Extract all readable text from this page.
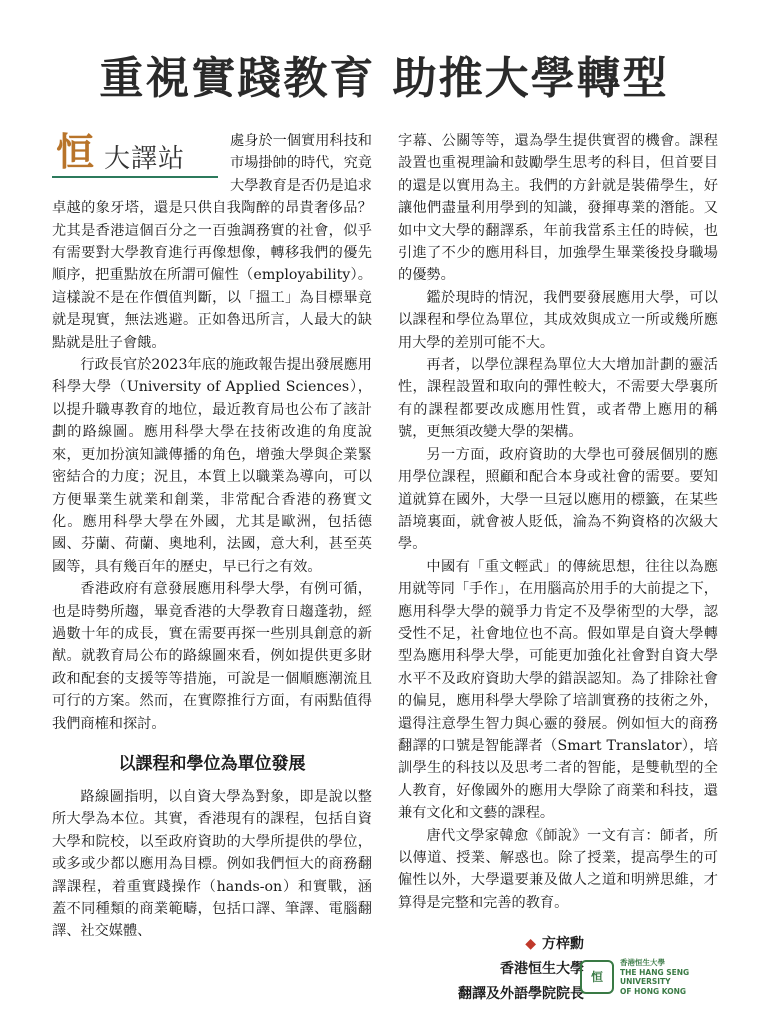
重視實踐教育 助推大學轉型
恒 大譯站

處身於一個實用科技和市場掛帥的時代，究竟大學教育是否仍是追求卓越的象牙塔，還是只供自我陶醉的昂貴奢侈品？尤其是香港這個百分之一百強調務實的社會，似乎有需要對大學教育進行再像想像，轉移我們的優先順序，把重點放在所謂可僱性（employability）。這樣說不是在作價值判斷，以「搵工」為目標畢竟就是現實，無法逃避。正如魯迅所言，人最大的缺點就是肚子會餓。

行政長官於2023年底的施政報告提出發展應用科學大學（University of Applied Sciences），以提升職專教育的地位，最近教育局也公布了該計劃的路線圖。應用科學大學在技術改進的角度說來，更加扮演知識傳播的角色，增強大學與企業緊密結合的力度；況且，本質上以職業為導向，可以方便畢業生就業和創業，非常配合香港的務實文化。應用科學大學在外國，尤其是歐洲，包括德國、芬蘭、荷蘭、奧地利，法國，意大利，甚至英國等，具有幾百年的歷史，早已行之有效。

香港政府有意發展應用科學大學，有例可循，也是時勢所趨，畢竟香港的大學教育日趨蓬勃，經過數十年的成長，實在需要再探一些別具創意的新猷。就教育局公布的路線圖來看，例如提供更多財政和配套的支援等等措施，可說是一個順應潮流且可行的方案。然而，在實際推行方面，有兩點值得我們商榷和探討。

以課程和學位為單位發展

路線圖指明，以自資大學為對象，即是說以整所大學為本位。其實，香港現有的課程，包括自資大學和院校，以至政府資助的大學所提供的學位，或多或少都以應用為目標。例如我們恒大的商務翻譯課程，着重實踐操作（hands-on）和實戰，涵蓋不同種類的商業範疇，包括口譯、筆譯、電腦翻譯、社交媒體、

字幕、公關等等，還為學生提供實習的機會。課程設置也重視理論和鼓勵學生思考的科目，但首要目的還是以實用為主。我們的方針就是裝備學生，好讓他們盡量利用學到的知識，發揮專業的潛能。又如中文大學的翻譯系，年前我當系主任的時候，也引進了不少的應用科目，加強學生畢業後投身職場的優勢。

鑑於現時的情況，我們要發展應用大學，可以以課程和學位為單位，其成效與成立一所或幾所應用大學的差別可能不大。

再者，以學位課程為單位大大增加計劃的靈活性，課程設置和取向的彈性較大，不需要大學裏所有的課程都要改成應用性質，或者帶上應用的稱號，更無須改變大學的架構。

另一方面，政府資助的大學也可發展個別的應用學位課程，照顧和配合本身或社會的需要。要知道就算在國外，大學一旦冠以應用的標籤，在某些語境裏面，就會被人貶低，淪為不夠資格的次級大學。

中國有「重文輕武」的傳統思想，往往以為應用就等同「手作」，在用腦高於用手的大前提之下，應用科學大學的競爭力肯定不及學術型的大學，認受性不足，社會地位也不高。假如單是自資大學轉型為應用科學大學，可能更加強化社會對自資大學水平不及政府資助大學的錯誤認知。為了排除社會的偏見，應用科學大學除了培訓實務的技術之外，還得注意學生智力與心靈的發展。例如恒大的商務翻譯的口號是智能譯者（Smart Translator），培訓學生的科技以及思考二者的智能，是雙軌型的全人教育，好像國外的應用大學除了商業和科技，還兼有文化和文藝的課程。

唐代文學家韓愈《師說》一文有言：師者，所以傳道、授業、解惑也。除了授業，提高學生的可僱性以外，大學還要兼及做人之道和明辨思維，才算得是完整和完善的教育。

◆ 方梓勳
香港恒生大學
翻譯及外語學院院長
恒
香港恒生大學
THE HANG SENG UNIVERSITY
OF HONG KONG
